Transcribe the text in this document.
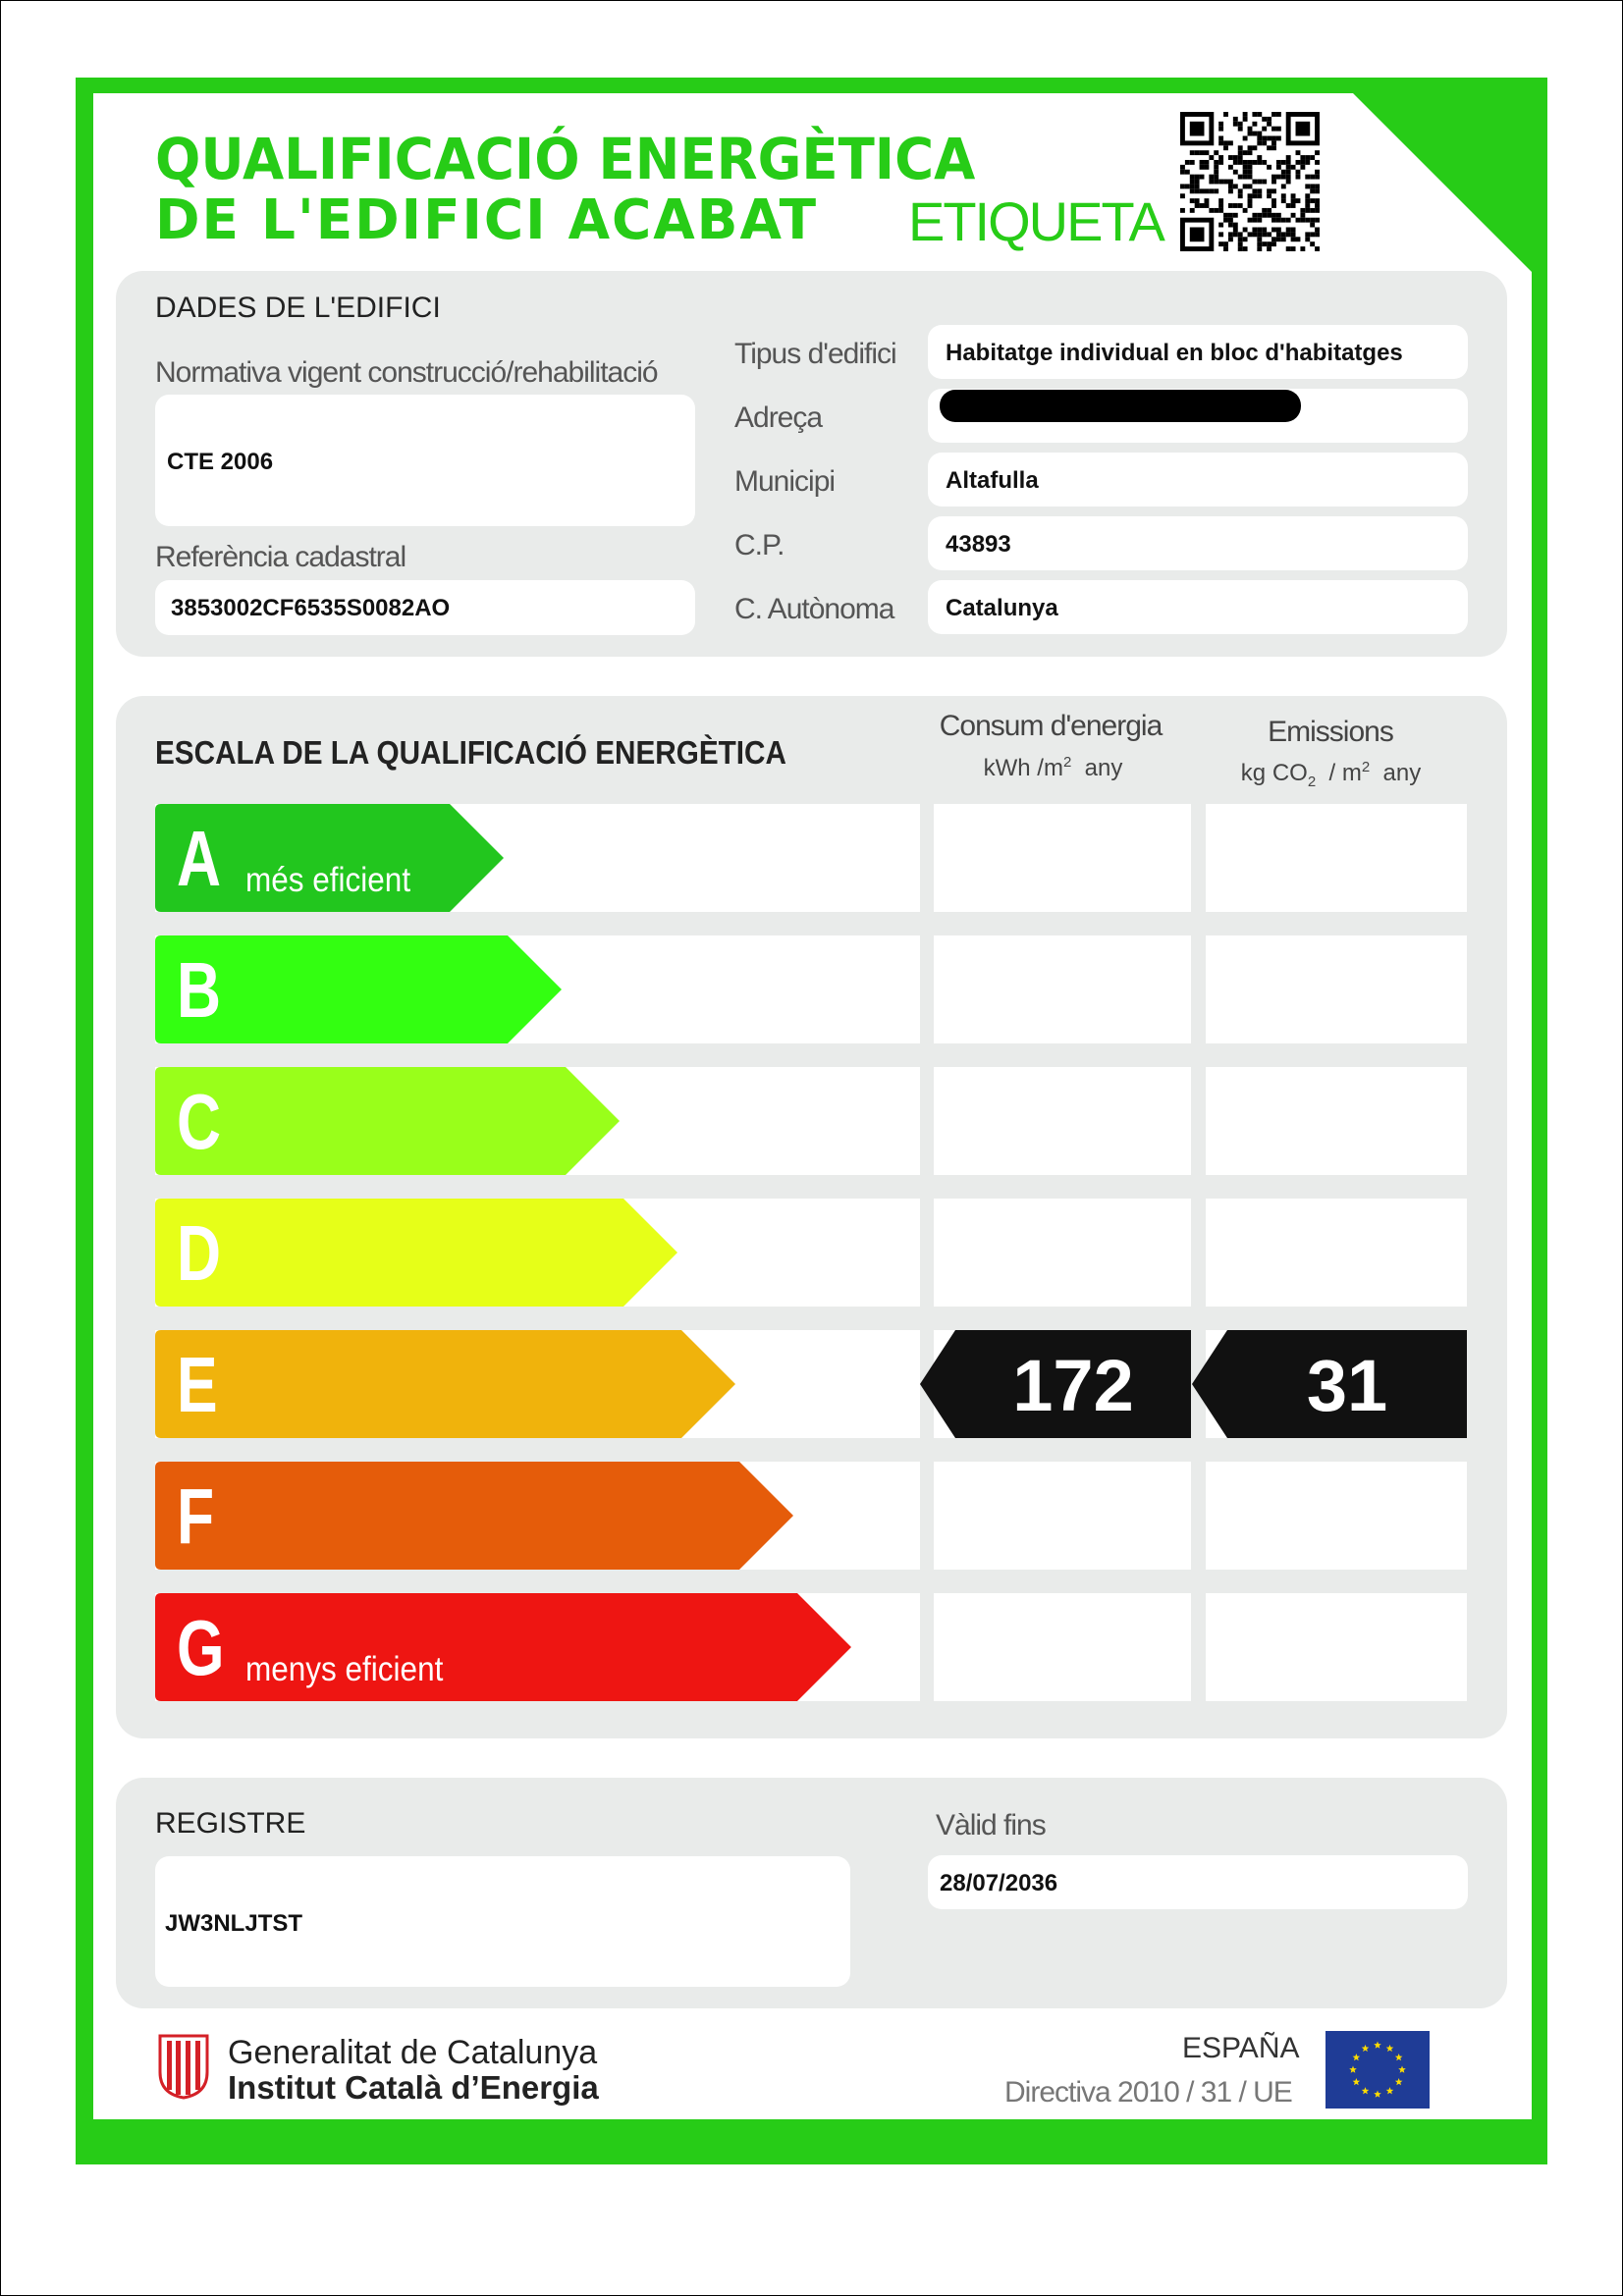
QUALIFICACIÓ ENERGÈTICA
DE L'EDIFICI ACABAT ETIQUETA
DADES DE L'EDIFICI
Normativa vigent construcció/rehabilitació
CTE 2006
Referència cadastral
3853002CF6535S0082AO
Tipus d'edifici Habitatge individual en bloc d'habitatges
Adreça
Municipi	Altafulla
C.P.	43893
C. Autònoma Catalunya
ESCALA DE LA QUALIFICACIÓ ENERGÈTICA
Consum d'energia
kWh $/m^2$  any
Emissions
kg $CO_2 / m^2$  any
A més eficient
B
C
D
E	172	31
F
G menys eficient
REGISTRE
JW3NLJTST
Vàlid fins
28/07/2036
Generalitat de Catalunya
Institut Català d’Energia
ESPAÑA
Directiva 2010 / 31 / UE
